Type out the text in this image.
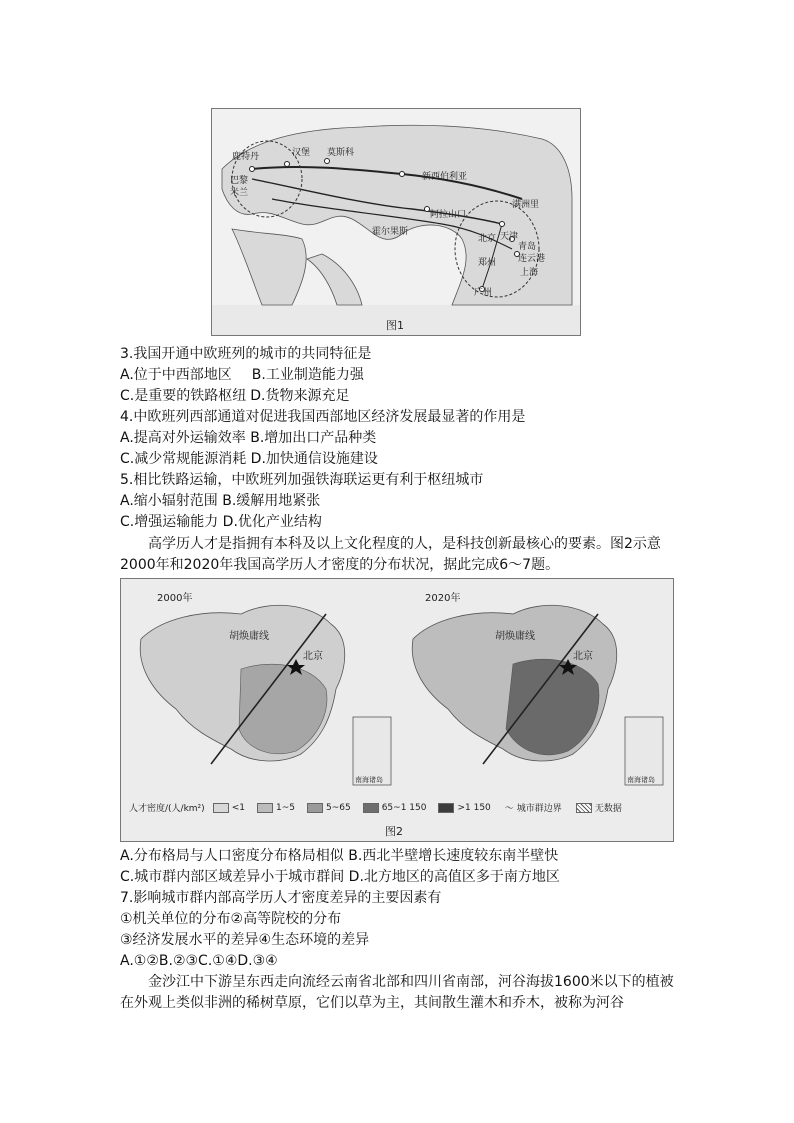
鹿特丹	汉堡 莫斯科
巴黎
米兰
新西伯利亚
满洲里
阿拉山口
霍尔果斯
北京 天津
连云港
青岛
郑州
上海
广州
图1
3.我国开通中欧班列的城市的共同特征是
A.位于中西部地区 B.工业制造能力强
C.是重要的铁路枢纽 D.货物来源充足
4.中欧班列西部通道对促进我国西部地区经济发展最显著的作用是
A.提高对外运输效率 B.增加出口产品种类
C.减少常规能源消耗 D.加快通信设施建设
5.相比铁路运输，中欧班列加强铁海联运更有利于枢纽城市
A.缩小辐射范围 B.缓解用地紧张
C.增强运输能力 D.优化产业结构
高学历人才是指拥有本科及以上文化程度的人，是科技创新最核心的要素。图2示意2000年和2020年我国高学历人才密度的分布状况，据此完成6～7题。
2000年	2020年
胡焕庸线	胡焕庸线
北京	北京
南海诸岛	南海诸岛
人才密度/(人/km²)	<1	1~5	5~65	65~1 150	>1 150 〜 城市群边界	无数据
图2
A.分布格局与人口密度分布格局相似 B.西北半壁增长速度较东南半壁快
C.城市群内部区域差异小于城市群间 D.北方地区的高值区多于南方地区
7.影响城市群内部高学历人才密度差异的主要因素有
①机关单位的分布②高等院校的分布
③经济发展水平的差异④生态环境的差异
A.①②B.②③C.①④D.③④
金沙江中下游呈东西走向流经云南省北部和四川省南部，河谷海拔1600米以下的植被在外观上类似非洲的稀树草原，它们以草为主，其间散生灌木和乔木，被称为河谷
